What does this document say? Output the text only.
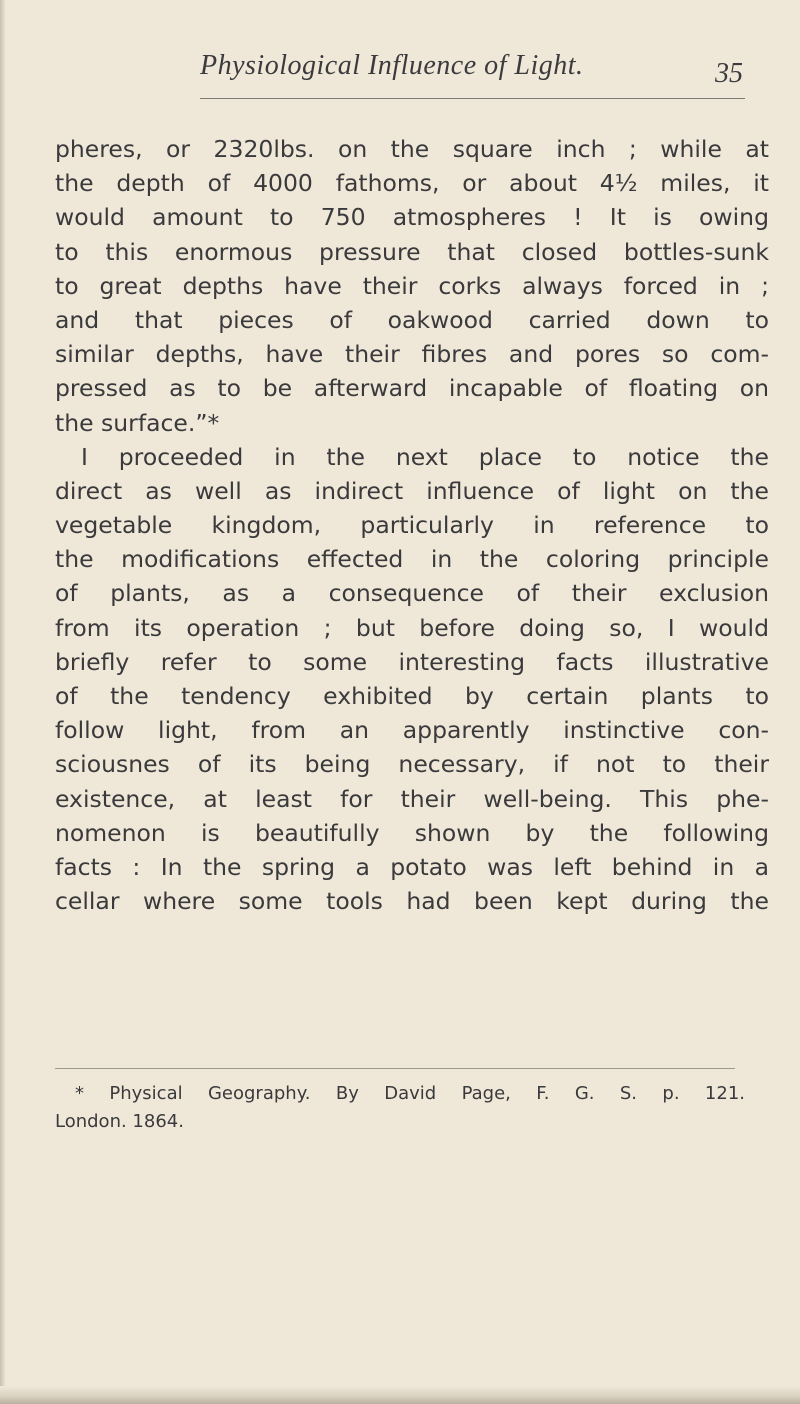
Physiological Influence of Light.	35
pheres, or 2320lbs. on the square inch ; while at
the depth of 4000 fathoms, or about 4½ miles, it
would amount to 750 atmospheres ! It is owing
to this enormous pressure that closed bottles-sunk
to great depths have their corks always forced in ;
and that pieces of oakwood carried down to
similar depths, have their fibres and pores so com-
pressed as to be afterward incapable of floating on
the surface.”*
I proceeded in the next place to notice the
direct as well as indirect influence of light on the
vegetable kingdom, particularly in reference to
the modifications effected in the coloring principle
of plants, as a consequence of their exclusion
from its operation ; but before doing so, I would
briefly refer to some interesting facts illustrative
of the tendency exhibited by certain plants to
follow light, from an apparently instinctive con-
sciousnes of its being necessary, if not to their
existence, at least for their well-being. This phe-
nomenon is beautifully shown by the following
facts : In the spring a potato was left behind in a
cellar where some tools had been kept during the
* Physical Geography. By David Page, F. G. S. p. 121.
London. 1864.
